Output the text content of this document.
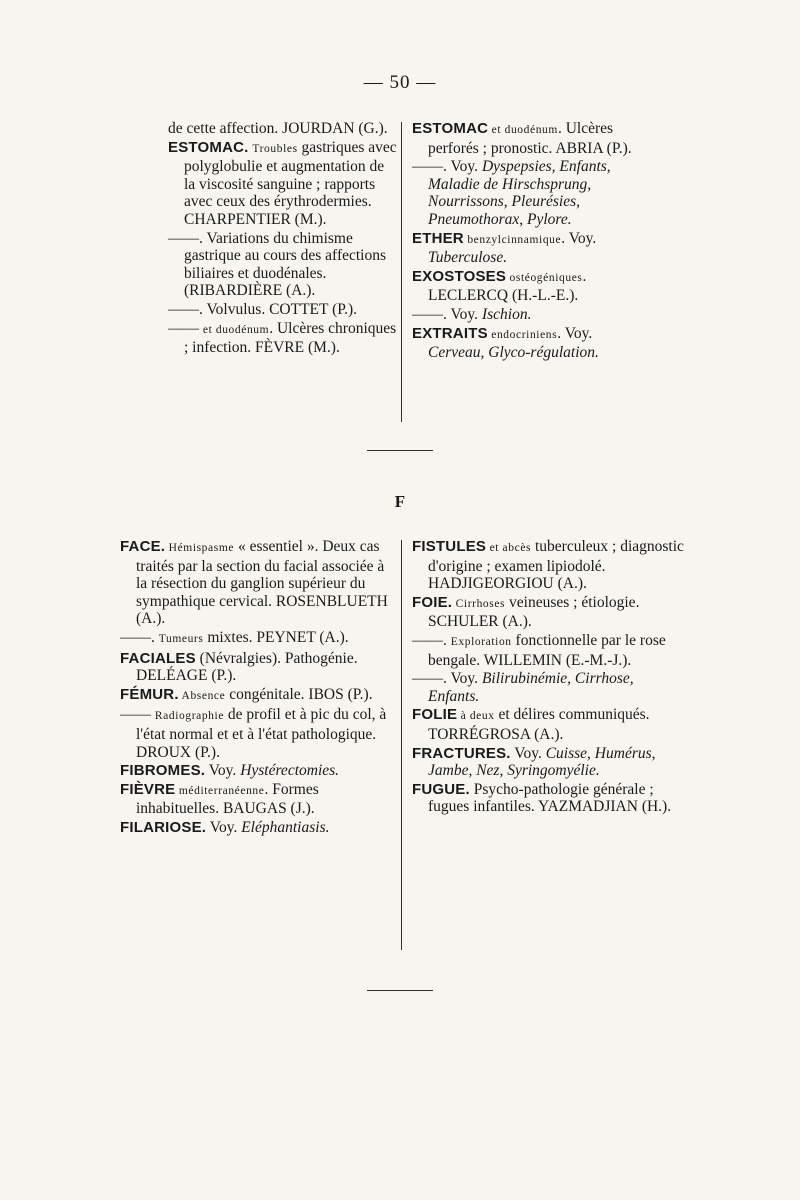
— 50 —

de cette affection. JOURDAN (G.).

ESTOMAC. Troubles gastriques avec polyglobulie et augmentation de la viscosité sanguine ; rapports avec ceux des érythrodermies. CHARPENTIER (M.).

——. Variations du chimisme gastrique au cours des affections biliaires et duodénales. (RIBARDIÈRE (A.).

——. Volvulus. COTTET (P.).

—— et duodénum. Ulcères chroniques ; infection. FÈVRE (M.).

ESTOMAC et duodénum. Ulcères perforés ; pronostic. ABRIA (P.).

——. Voy. Dyspepsies, Enfants, Maladie de Hirschsprung, Nourrissons, Pleurésies, Pneumothorax, Pylore.

ETHER benzylcinnamique. Voy. Tuberculose.

EXOSTOSES ostéogéniques. LECLERCQ (H.-L.-E.).

——. Voy. Ischion.

EXTRAITS endocriniens. Voy. Cerveau, Glyco-régulation.

F

FACE. Hémispasme « essentiel ». Deux cas traités par la section du facial associée à la résection du ganglion supérieur du sympathique cervical. ROSENBLUETH (A.).

——. Tumeurs mixtes. PEYNET (A.).

FACIALES (Névralgies). Pathogénie. DELÉAGE (P.).

FÉMUR. Absence congénitale. IBOS (P.).

—— Radiographie de profil et à pic du col, à l'état normal et et à l'état pathologique. DROUX (P.).

FIBROMES. Voy. Hystérectomies.

FIÈVRE méditerranéenne. Formes inhabituelles. BAUGAS (J.).

FILARIOSE. Voy. Eléphantiasis.

FISTULES et abcès tuberculeux ; diagnostic d'origine ; examen lipiodolé. HADJIGEORGIOU (A.).

FOIE. Cirrhoses veineuses ; étiologie. SCHULER (A.).

——. Exploration fonctionnelle par le rose bengale. WILLEMIN (E.-M.-J.).

——. Voy. Bilirubinémie, Cirrhose, Enfants.

FOLIE à deux et délires communiqués. TORRÉGROSA (A.).

FRACTURES. Voy. Cuisse, Humérus, Jambe, Nez, Syringomyélie.

FUGUE. Psycho-pathologie générale ; fugues infantiles. YAZMADJIAN (H.).
